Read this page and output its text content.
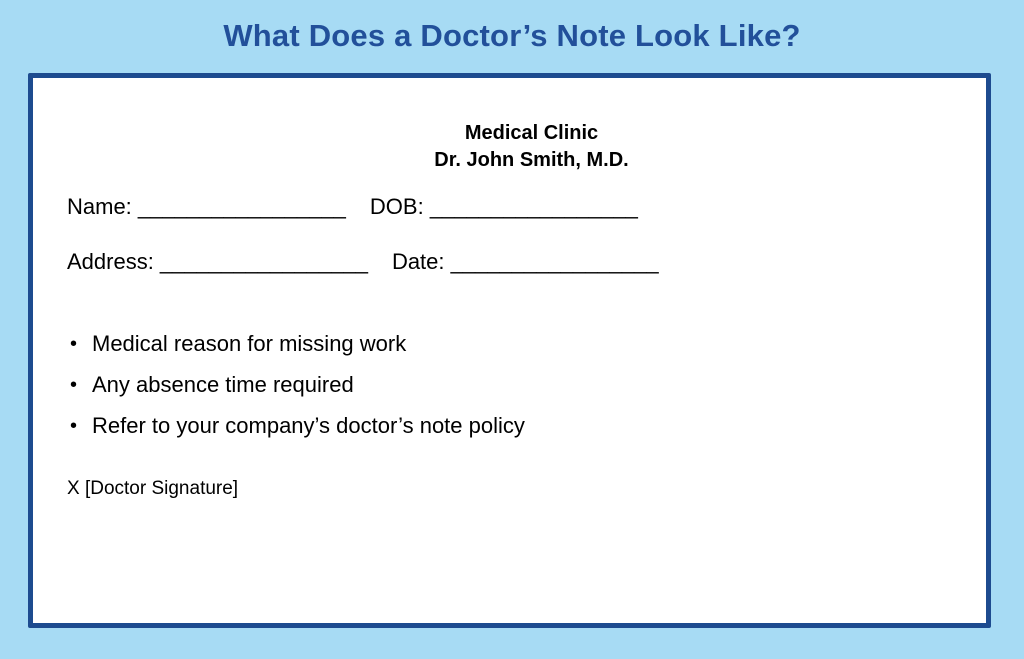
What Does a Doctor’s Note Look Like?
Medical Clinic
Dr. John Smith, M.D.
Name: _________________ DOB: _________________
Address: _________________ Date: _________________
• Medical reason for missing work
• Any absence time required
• Refer to your company’s doctor’s note policy
X [Doctor Signature]
